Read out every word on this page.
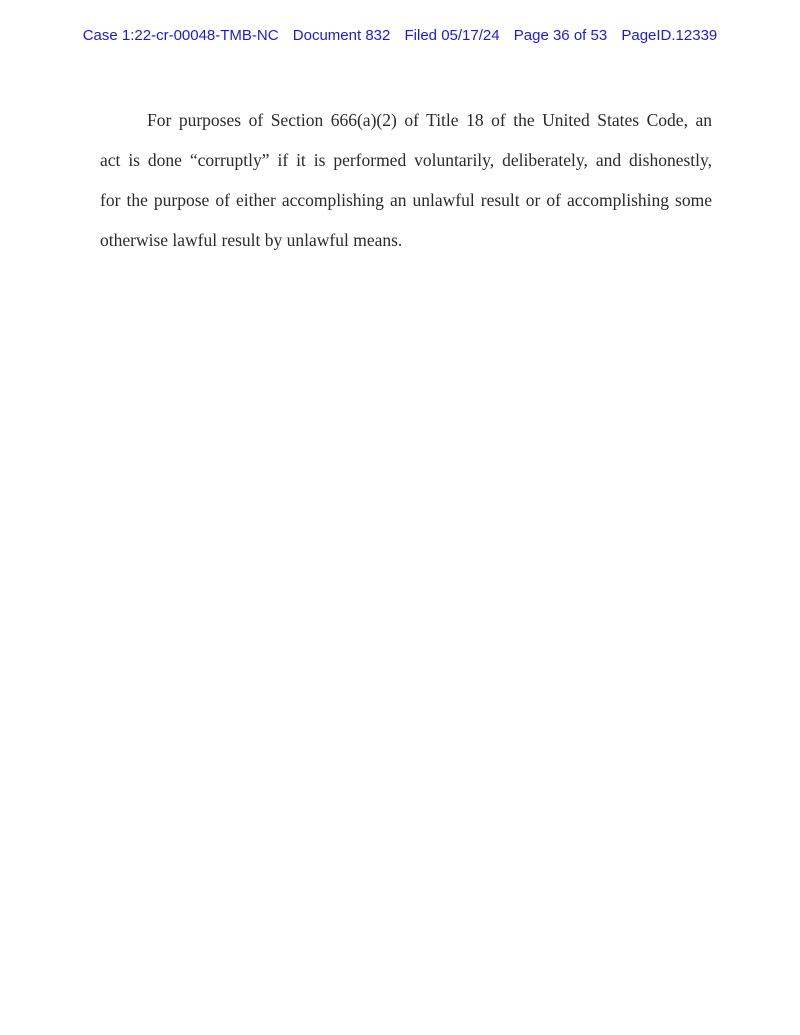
Case 1:22-cr-00048-TMB-NC Document 832 Filed 05/17/24 Page 36 of 53 PageID.12339
For purposes of Section 666(a)(2) of Title 18 of the United States Code, an
act is done “corruptly” if it is performed voluntarily, deliberately, and dishonestly,
for the purpose of either accomplishing an unlawful result or of accomplishing some
otherwise lawful result by unlawful means.
